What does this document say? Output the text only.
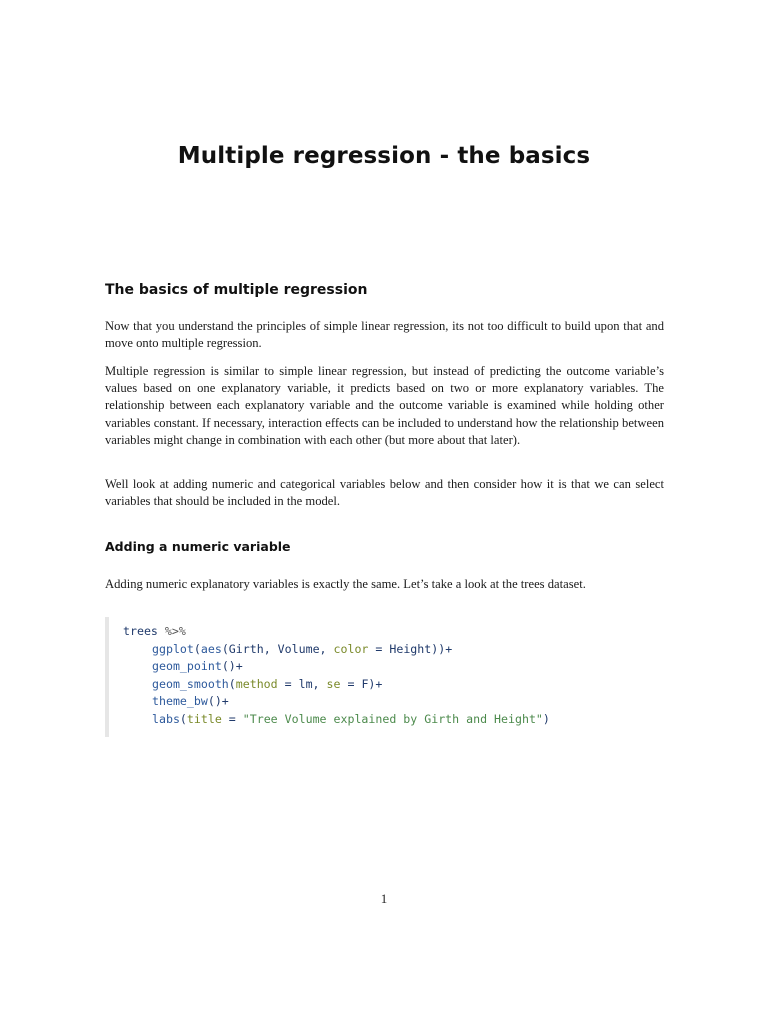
Multiple regression - the basics
The basics of multiple regression

Now that you understand the principles of simple linear regression, its not too difficult to build upon that and move onto multiple regression.

Multiple regression is similar to simple linear regression, but instead of predicting the outcome variable’s values based on one explanatory variable, it predicts based on two or more explanatory variables. The relationship between each explanatory variable and the outcome variable is examined while holding other variables constant. If necessary, interaction effects can be included to understand how the relationship between variables might change in combination with each other (but more about that later).

Well look at adding numeric and categorical variables below and then consider how it is that we can select variables that should be included in the model.

Adding a numeric variable

Adding numeric explanatory variables is exactly the same. Let’s take a look at the trees dataset.

trees %>%
ggplot(aes(Girth, Volume, color = Height))+
geom_point()+
geom_smooth(method = lm, se = F)+
theme_bw()+
labs(title = "Tree Volume explained by Girth and Height")
1
